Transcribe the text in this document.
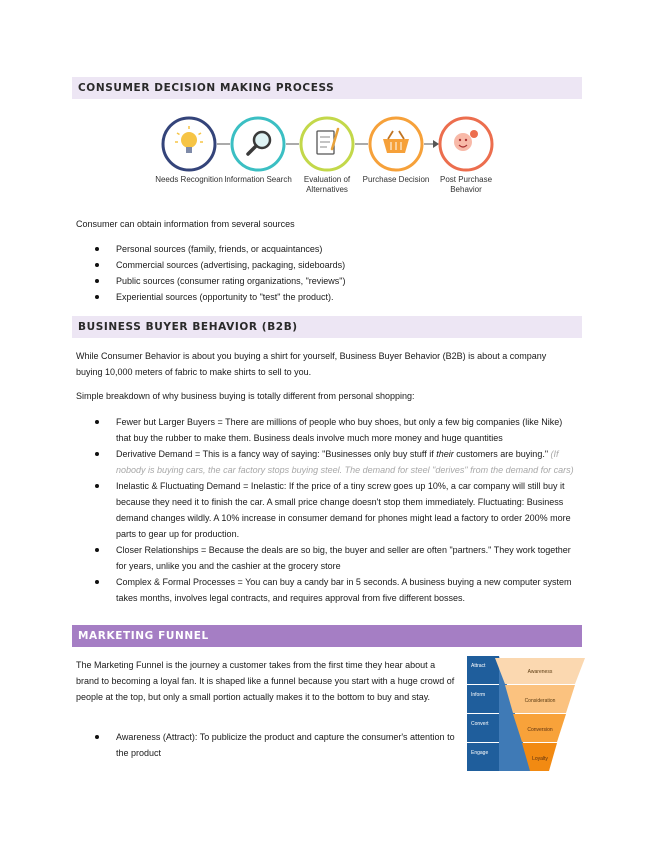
CONSUMER DECISION MAKING PROCESS
Needs Recognition Information Search	Evaluation of Alternatives
Purchase Decision	Post Purchase Behavior

Consumer can obtain information from several sources

Personal sources (family, friends, or acquaintances)
Commercial sources (advertising, packaging, sideboards)
Public sources (consumer rating organizations, "reviews")
Experiential sources (opportunity to "test" the product).
BUSINESS BUYER BEHAVIOR (B2B)

While Consumer Behavior is about you buying a shirt for yourself, Business Buyer Behavior (B2B) is about a company buying 10,000 meters of fabric to make shirts to sell to you.

Simple breakdown of why business buying is totally different from personal shopping:

Fewer but Larger Buyers = There are millions of people who buy shoes, but only a few big companies (like Nike) that buy the rubber to make them. Business deals involve much more money and huge quantities
Derivative Demand = This is a fancy way of saying: "Businesses only buy stuff if their customers are buying." (If nobody is buying cars, the car factory stops buying steel. The demand for steel "derives" from the demand for cars)
Inelastic & Fluctuating Demand = Inelastic: If the price of a tiny screw goes up 10%, a car company will still buy it because they need it to finish the car. A small price change doesn't stop them immediately. Fluctuating: Business demand changes wildly. A 10% increase in consumer demand for phones might lead a factory to order 200% more parts to gear up for production.
Closer Relationships = Because the deals are so big, the buyer and seller are often "partners." They work together for years, unlike you and the cashier at the grocery store
Complex & Formal Processes = You can buy a candy bar in 5 seconds. A business buying a new computer system takes months, involves legal contracts, and requires approval from five different bosses.
MARKETING FUNNEL

The Marketing Funnel is the journey a customer takes from the first time they hear about a brand to becoming a loyal fan. It is shaped like a funnel because you start with a huge crowd of people at the top, but only a small portion actually makes it to the bottom to buy and stay.

Awareness (Attract): To publicize the product and capture the consumer's attention to the product
Attract
Inform
Convert
Engage
Awareness
Consideration
Conversion
Loyalty
